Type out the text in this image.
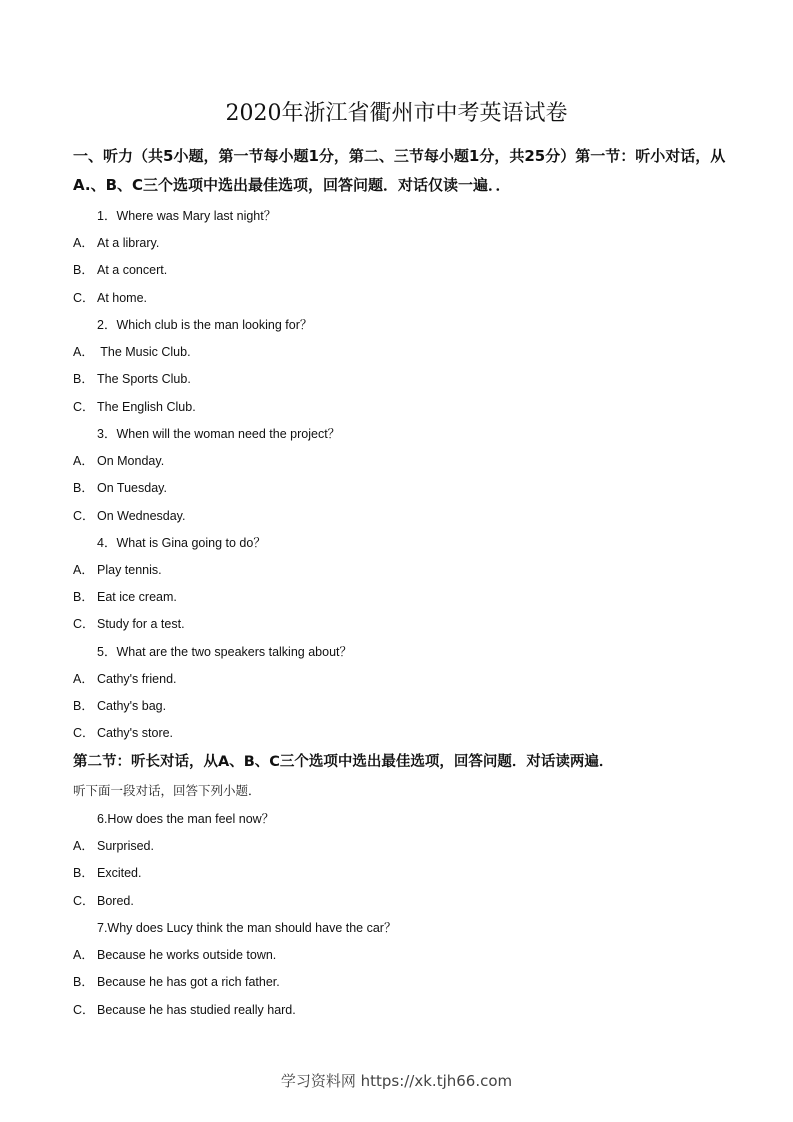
2020年浙江省衢州市中考英语试卷
一、听力（共5小题，第一节每小题1分，第二、三节每小题1分，共25分）第一节：听小对话，从A.、B、C三个选项中选出最佳选项，回答问题．对话仅读一遍．．
1．Where was Mary last night？
A． At a library.
B． At a concert.
C． At home.
2．Which club is the man looking for？
A． The Music Club.
B． The Sports Club.
C． The English Club.
3．When will the woman need the project？
A． On Monday.
B． On Tuesday.
C． On Wednesday.
4．What is Gina going to do？
A． Play tennis.
B． Eat ice cream.
C． Study for a test.
5．What are the two speakers talking about？
A． Cathy's friend.
B． Cathy's bag.
C． Cathy's store.
第二节：听长对话，从A、B、C三个选项中选出最佳选项，回答问题．对话读两遍．
听下面一段对话，回答下列小题．
6.How does the man feel now？
A． Surprised.
B． Excited.
C． Bored.
7.Why does Lucy think the man should have the car？
A． Because he works outside town.
B． Because he has got a rich father.
C． Because he has studied really hard.
学习资料网 https://xk.tjh66.com
